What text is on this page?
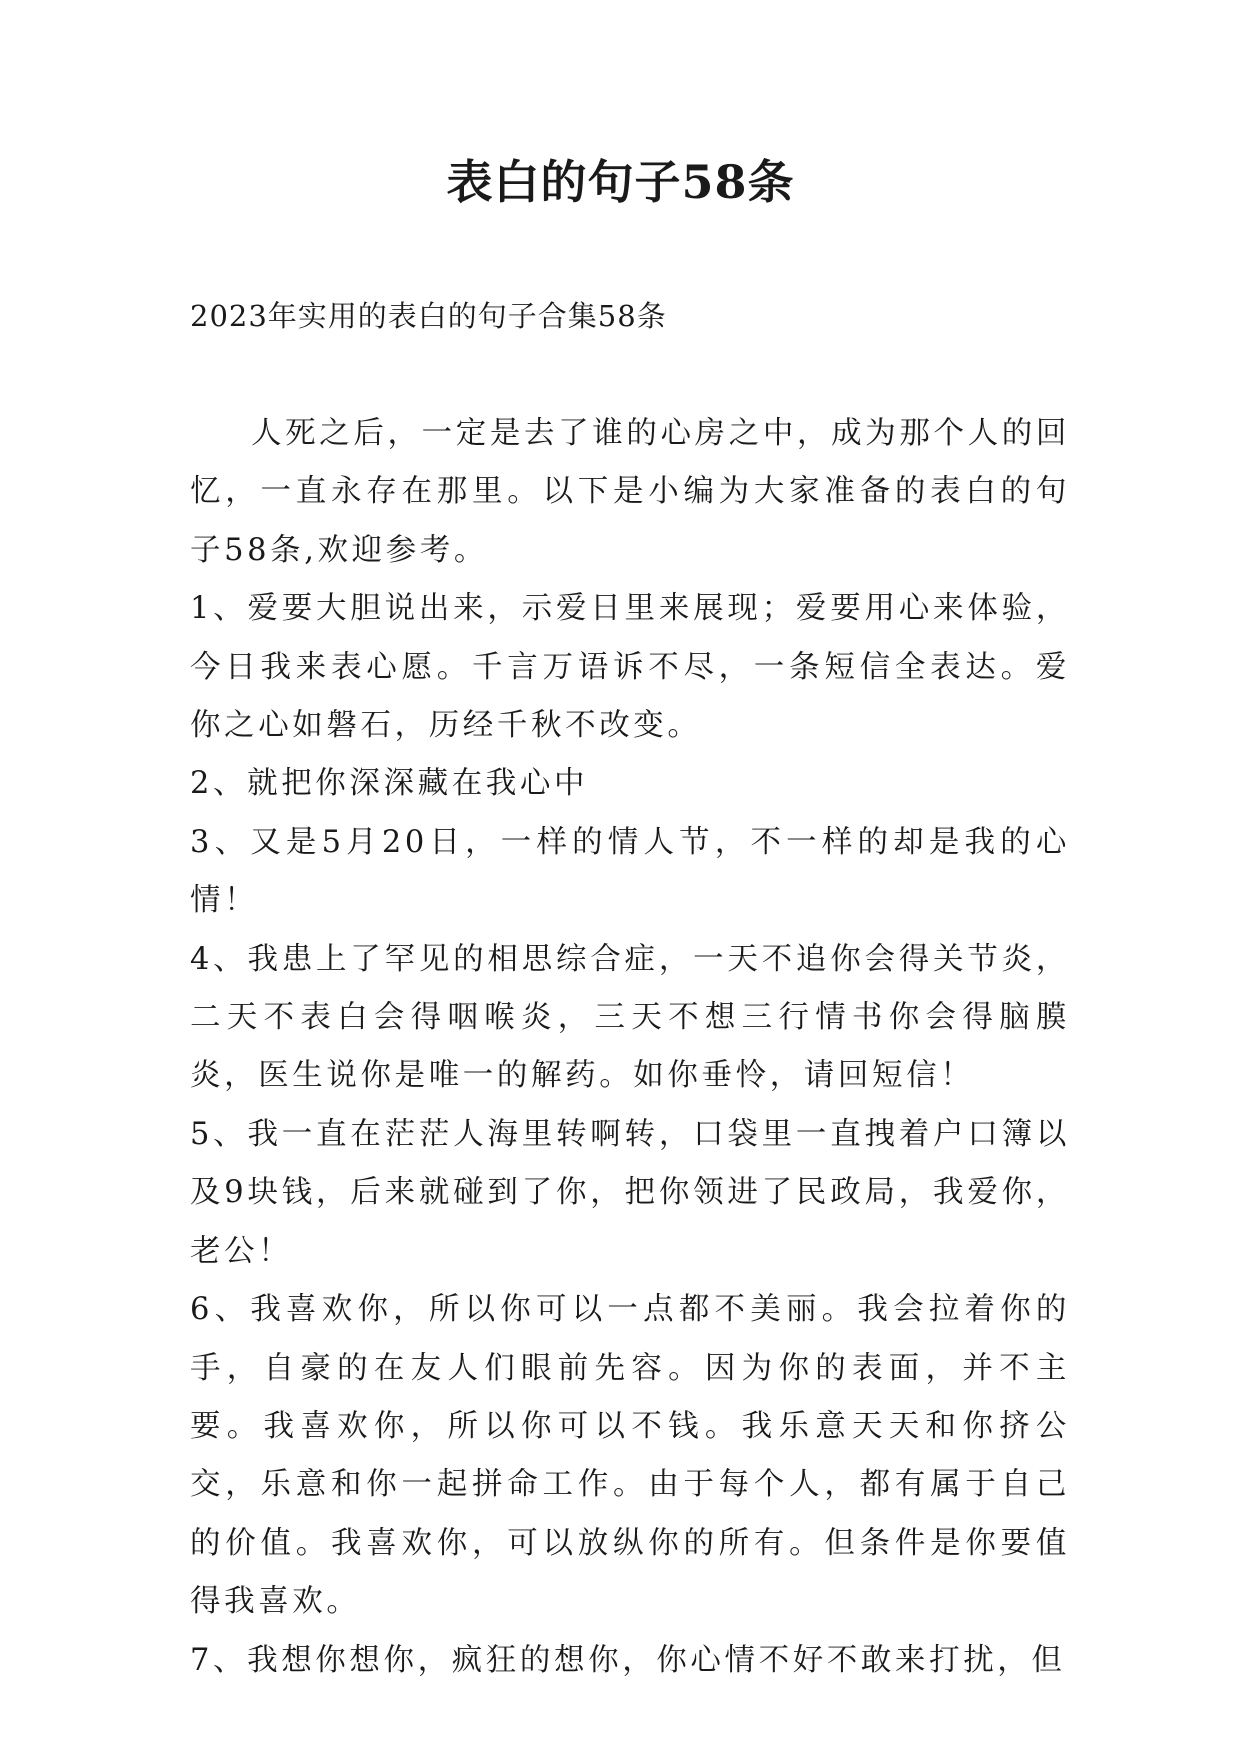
表白的句子58条
2023年实用的表白的句子合集58条

人死之后，一定是去了谁的心房之中，成为那个人的回忆，一直永存在那里。以下是小编为大家准备的表白的句子58条,欢迎参考。

1、爱要大胆说出来，示爱日里来展现；爱要用心来体验，今日我来表心愿。千言万语诉不尽，一条短信全表达。爱你之心如磐石，历经千秋不改变。

2、就把你深深藏在我心中

3、又是5月20日，一样的情人节，不一样的却是我的心情！

4、我患上了罕见的相思综合症，一天不追你会得关节炎，二天不表白会得咽喉炎，三天不想三行情书你会得脑膜炎，医生说你是唯一的解药。如你垂怜，请回短信！

5、我一直在茫茫人海里转啊转，口袋里一直拽着户口簿以及9块钱，后来就碰到了你，把你领进了民政局，我爱你，老公！

6、我喜欢你，所以你可以一点都不美丽。我会拉着你的手，自豪的在友人们眼前先容。因为你的表面，并不主要。我喜欢你，所以你可以不钱。我乐意天天和你挤公交，乐意和你一起拼命工作。由于每个人，都有属于自己的价值。我喜欢你，可以放纵你的所有。但条件是你要值得我喜欢。

7、我想你想你，疯狂的想你，你心情不好不敢来打扰，但
